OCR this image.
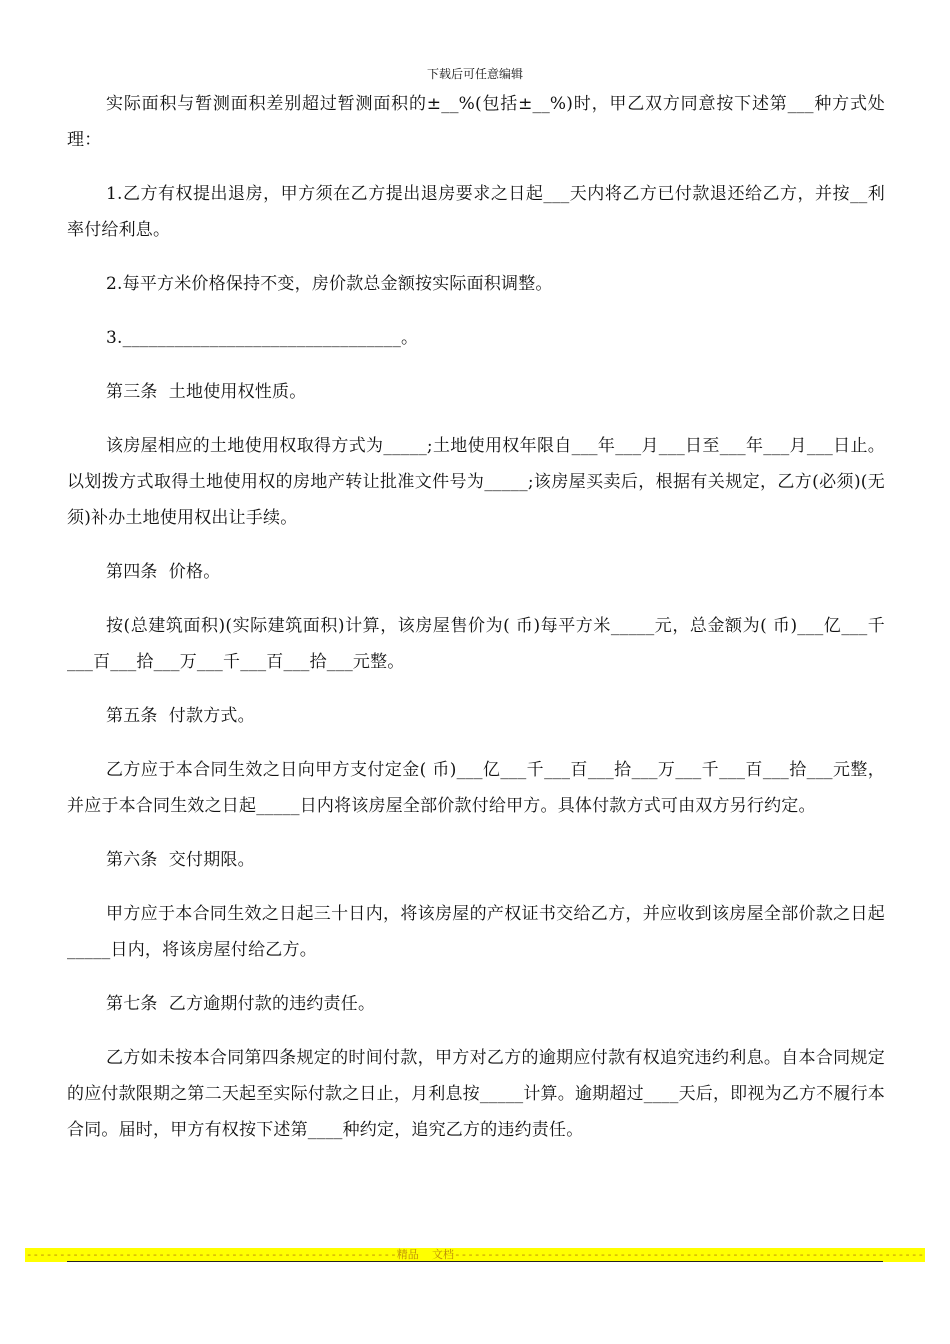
下载后可任意编辑

实际面积与暂测面积差别超过暂测面积的±__%(包括±__%)时，甲乙双方同意按下述第___种方式处理：

1.乙方有权提出退房，甲方须在乙方提出退房要求之日起___天内将乙方已付款退还给乙方，并按__利率付给利息。

2.每平方米价格保持不变，房价款总金额按实际面积调整。

3.________________________________。

第三条  土地使用权性质。

该房屋相应的土地使用权取得方式为_____;土地使用权年限自___年___月___日至___年___月___日止。以划拨方式取得土地使用权的房地产转让批准文件号为_____;该房屋买卖后，根据有关规定，乙方(必须)(无须)补办土地使用权出让手续。

第四条  价格。

按(总建筑面积)(实际建筑面积)计算，该房屋售价为( 币)每平方米_____元，总金额为( 币)___亿___千___百___拾___万___千___百___拾___元整。

第五条  付款方式。

乙方应于本合同生效之日向甲方支付定金( 币)___亿___千___百___拾___万___千___百___拾___元整，并应于本合同生效之日起_____日内将该房屋全部价款付给甲方。具体付款方式可由双方另行约定。

第六条  交付期限。

甲方应于本合同生效之日起三十日内，将该房屋的产权证书交给乙方，并应收到该房屋全部价款之日起_____日内，将该房屋付给乙方。

第七条  乙方逾期付款的违约责任。

乙方如未按本合同第四条规定的时间付款，甲方对乙方的逾期应付款有权追究违约利息。自本合同规定的应付款限期之第二天起至实际付款之日止，月利息按_____计算。逾期超过____天后，即视为乙方不履行本合同。届时，甲方有权按下述第____种约定，追究乙方的违约责任。

--------------------------------------------------------精品  文档-----------------------------------------------------------------------
